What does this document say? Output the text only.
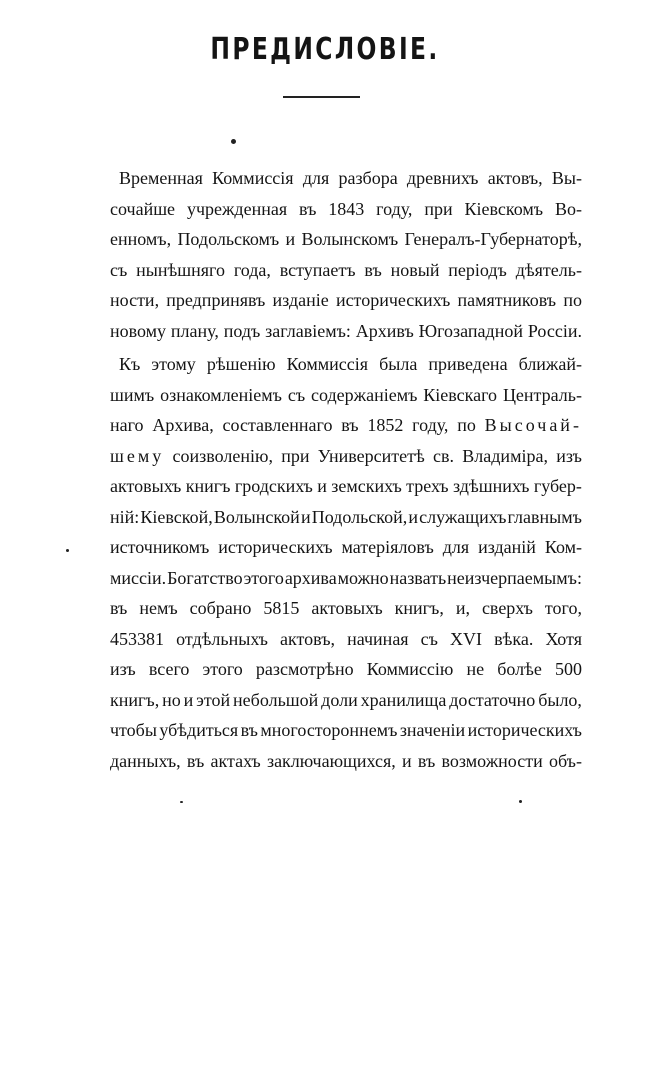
ПРЕДИСЛОВІЕ.
Временная Коммиссія для разбора древнихъ актовъ, Вы-
сочайше учрежденная въ 1843 году, при Кіевскомъ Во-
енномъ, Подольскомъ и Волынскомъ Генералъ-Губернаторѣ,
съ нынѣшняго года, вступаетъ въ новый періодъ дѣятель-
ности, предпринявъ изданіе историческихъ памятниковъ по
новому плану, подъ заглавіемъ: Архивъ Югозападной Россіи.
Къ этому рѣшенію Коммиссія была приведена ближай-
шимъ ознакомленіемъ съ содержаніемъ Кіевскаго Централь-
наго Архива, составленнаго въ 1852 году, по Высочай-
шему соизволенію, при Университетѣ св. Владиміра, изъ
актовыхъ книгъ гродскихъ и земскихъ трехъ здѣшнихъ губер-
ній: Кіевской, Волынской и Подольской, и служащихъ главнымъ
источникомъ историческихъ матеріяловъ для изданій Ком-
миссіи. Богатство этого архива можно назвать неизчерпаемымъ:
въ немъ собрано 5815 актовыхъ книгъ, и, сверхъ того,
453381 отдѣльныхъ актовъ, начиная съ XVI вѣка. Хотя
изъ всего этого разсмотрѣно Коммиссію не болѣе 500
книгъ, но и этой небольшой доли хранилища достаточно было,
чтобы убѣдиться въ многостороннемъ значеніи историческихъ
данныхъ, въ актахъ заключающихся, и въ возможности объ-
